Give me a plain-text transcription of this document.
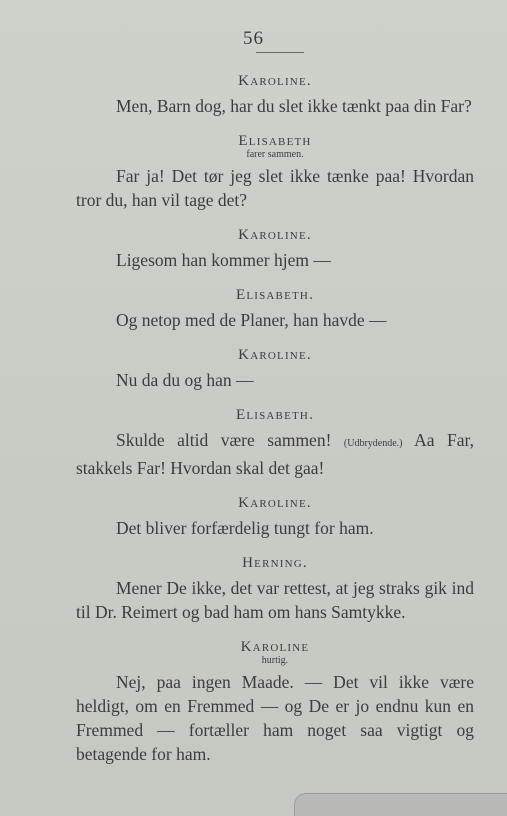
56
Karoline.

Men, Barn dog, har du slet ikke tænkt paa din Far?

Elisabeth
farer sammen.

Far ja! Det tør jeg slet ikke tænke paa! Hvordan tror du, han vil tage det?

Karoline.

Ligesom han kommer hjem —

Elisabeth.

Og netop med de Planer, han havde —

Karoline.

Nu da du og han —

Elisabeth.

Skulde altid være sammen! (Udbrydende.) Aa Far, stakkels Far! Hvordan skal det gaa!

Karoline.

Det bliver forfærdelig tungt for ham.

Herning.

Mener De ikke, det var rettest, at jeg straks gik ind til Dr. Reimert og bad ham om hans Samtykke.

Karoline
hurtig.

Nej, paa ingen Maade. — Det vil ikke være heldigt, om en Fremmed — og De er jo endnu kun en Fremmed — fortæller ham noget saa vigtigt og betagende for ham.
